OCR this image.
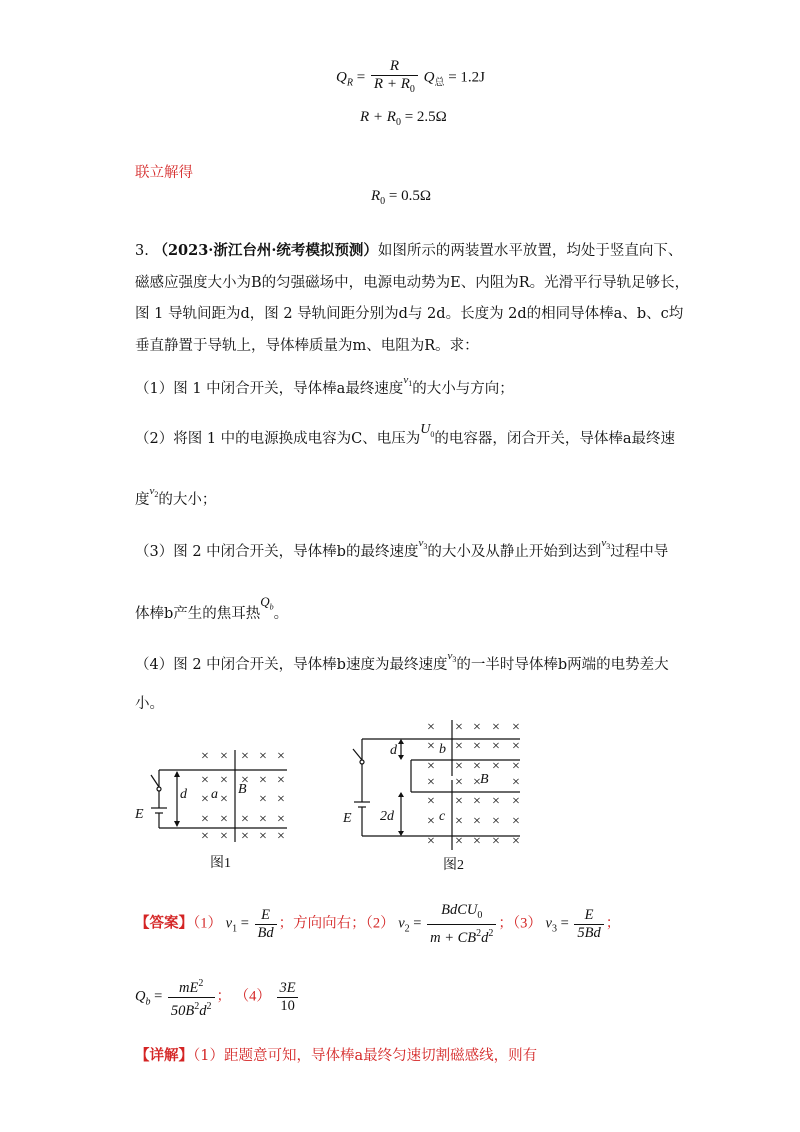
$Q_R = \frac{R}{R + R_0} Q_总 = 1.2J$
$R + R_0 = 2.5\Omega$
联立解得
$R_0 = 0.5\Omega$
3. （2023·浙江台州·统考模拟预测）如图所示的两装置水平放置，均处于竖直向下、
磁感应强度大小为B的匀强磁场中，电源电动势为E、内阻为R。光滑平行导轨足够长，
图 1 导轨间距为d，图 2 导轨间距分别为d与 2d。长度为 2d的相同导体棒a、b、c均
垂直静置于导轨上，导体棒质量为m、电阻为R。求：
（1）图 1 中闭合开关，导体棒a最终速度$v_1$的大小与方向；
（2）将图 1 中的电源换成电容为C、电压为$U_0$的电容器，闭合开关，导体棒a最终速
度$v_2$的大小；
（3）图 2 中闭合开关，导体棒b的最终速度$v_3$的大小及从静止开始到达到$v_3$过程中导
体棒b产生的焦耳热$Q_b$。
（4）图 2 中闭合开关，导体棒b速度为最终速度$v_3$的一半时导体棒b两端的电势差大
小。
× × × × ×
× × × × ×
× × × ×
× × × × ×
× × × × ×
E
d a B
图1
× × × × ×
× × × × ×
× × × × ×
× × × ×
× × × × ×
× × × × ×
× × × × ×
E
d
2d
b
c
B
图2
【答案】（1） $v_1 = \frac{E}{Bd}$ ；方向向右；（2） $v_2 = \frac{BdCU_0}{m + CB^2d^2}$ ；（3） $v_3 = \frac{E}{5Bd}$ ；
$Q_b = \frac{mE^2}{50B^2d^2}$ ； $(4) \frac{3E}{10}$
【详解】（1）距题意可知，导体棒a最终匀速切割磁感线，则有
